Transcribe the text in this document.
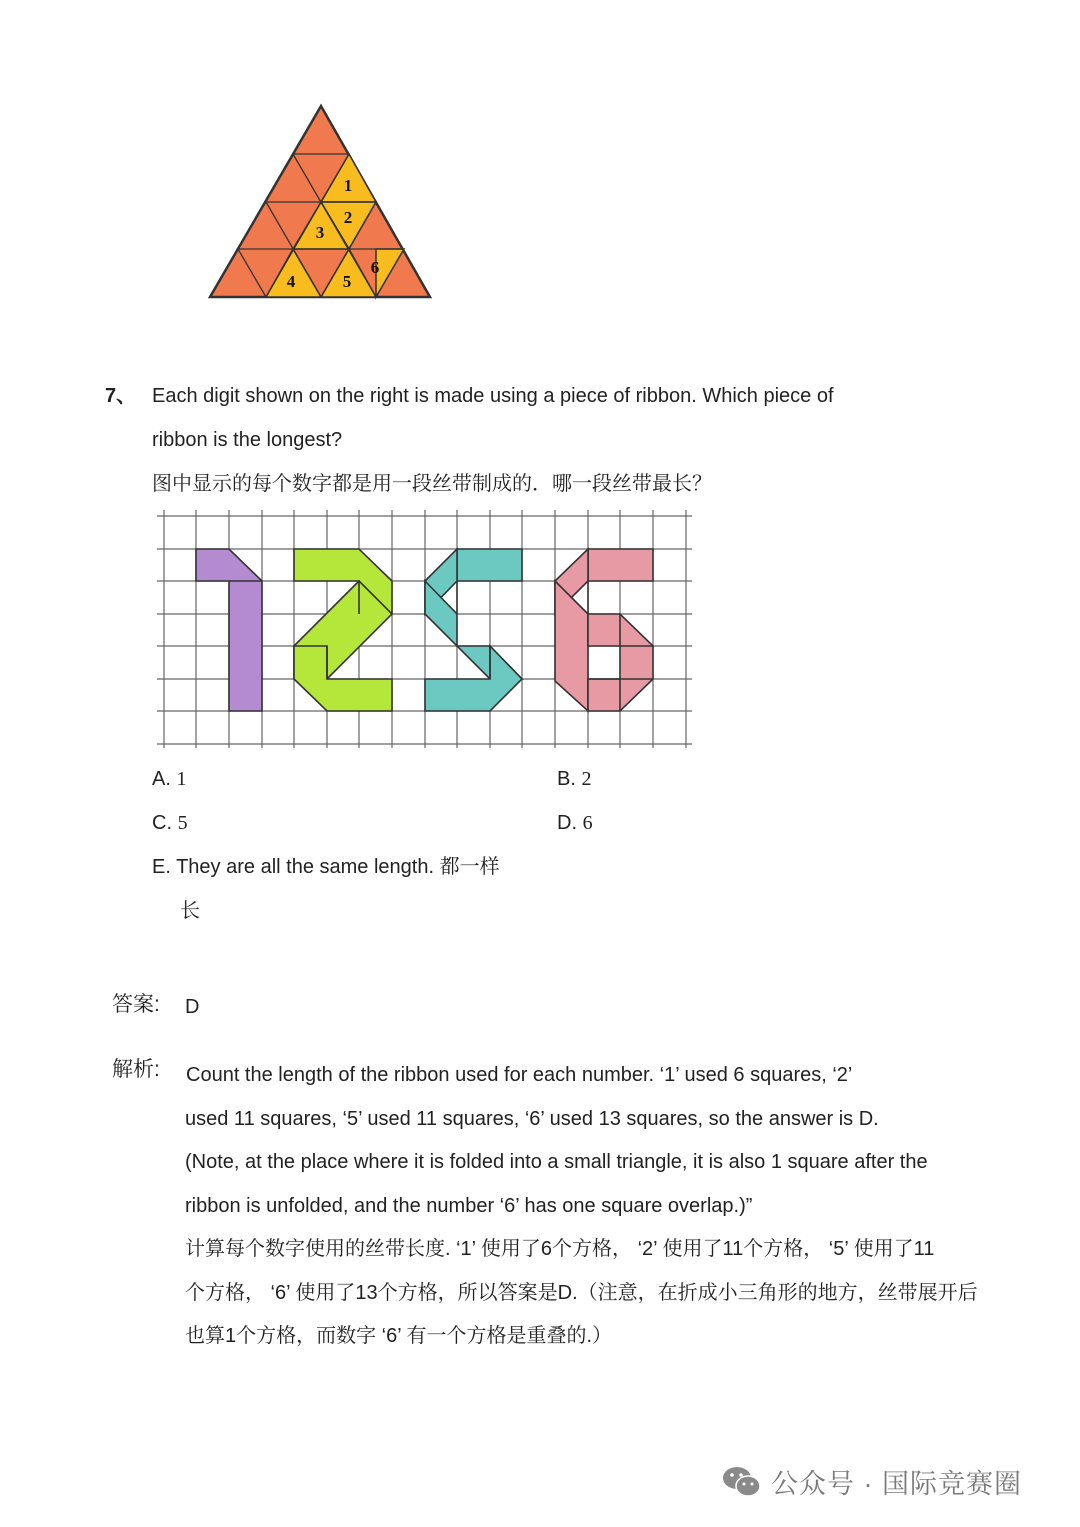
1
2
3
4	5
6
7、 Each digit shown on the right is made using a piece of ribbon. Which piece of
ribbon is the longest?
图中显示的每个数字都是用一段丝带制成的．哪一段丝带最长？
A. 1	B. 2
C. 5	D. 6
E. They are all the same length. 都一样
长
答案: D
解析: Count the length of the ribbon used for each number. ‘1’ used 6 squares, ‘2’
used 11 squares, ‘5’ used 11 squares, ‘6’ used 13 squares, so the answer is D.
(Note, at the place where it is folded into a small triangle, it is also 1 square after the
ribbon is unfolded, and the number ‘6’ has one square overlap.)”
计算每个数字使用的丝带长度. ‘1’ 使用了6个方格， ‘2’ 使用了11个方格， ‘5’ 使用了11
个方格， ‘6’ 使用了13个方格，所以答案是D.（注意，在折成小三角形的地方，丝带展开后
也算1个方格，而数字 ‘6’ 有一个方格是重叠的.）
公众号 · 国际竞赛圈
